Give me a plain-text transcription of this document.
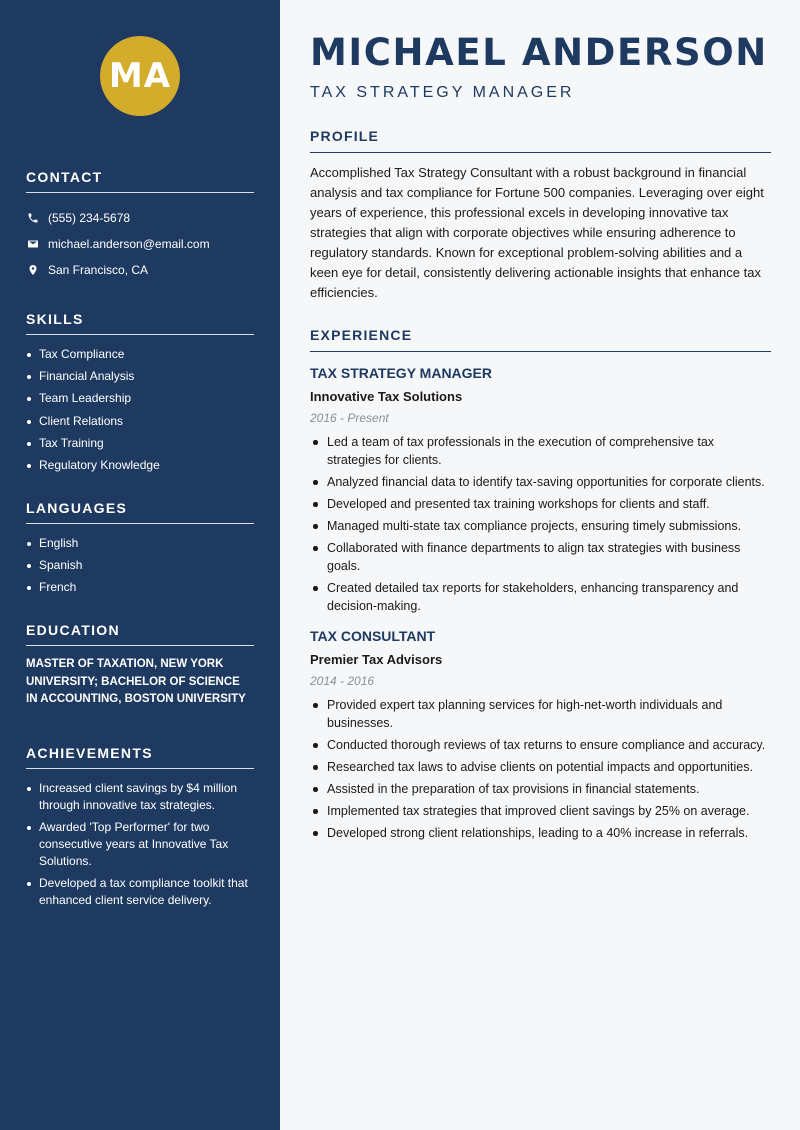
MA
CONTACT
(555) 234-5678
michael.anderson@email.com
San Francisco, CA
SKILLS
Tax Compliance
Financial Analysis
Team Leadership
Client Relations
Tax Training
Regulatory Knowledge
LANGUAGES
English
Spanish
French
EDUCATION

MASTER OF TAXATION, NEW YORK UNIVERSITY; BACHELOR OF SCIENCE IN ACCOUNTING, BOSTON UNIVERSITY

ACHIEVEMENTS
Increased client savings by $4 million through innovative tax strategies.
Awarded 'Top Performer' for two consecutive years at Innovative Tax Solutions.
Developed a tax compliance toolkit that enhanced client service delivery.
MICHAEL ANDERSON
TAX STRATEGY MANAGER
PROFILE

Accomplished Tax Strategy Consultant with a robust background in financial analysis and tax compliance for Fortune 500 companies. Leveraging over eight years of experience, this professional excels in developing innovative tax strategies that align with corporate objectives while ensuring adherence to regulatory standards. Known for exceptional problem-solving abilities and a keen eye for detail, consistently delivering actionable insights that enhance tax efficiencies.

EXPERIENCE
TAX STRATEGY MANAGER
Innovative Tax Solutions
2016 - Present
Led a team of tax professionals in the execution of comprehensive tax strategies for clients.
Analyzed financial data to identify tax-saving opportunities for corporate clients.
Developed and presented tax training workshops for clients and staff.
Managed multi-state tax compliance projects, ensuring timely submissions.
Collaborated with finance departments to align tax strategies with business goals.
Created detailed tax reports for stakeholders, enhancing transparency and decision-making.
TAX CONSULTANT
Premier Tax Advisors
2014 - 2016
Provided expert tax planning services for high-net-worth individuals and businesses.
Conducted thorough reviews of tax returns to ensure compliance and accuracy.
Researched tax laws to advise clients on potential impacts and opportunities.
Assisted in the preparation of tax provisions in financial statements.
Implemented tax strategies that improved client savings by 25% on average.
Developed strong client relationships, leading to a 40% increase in referrals.
